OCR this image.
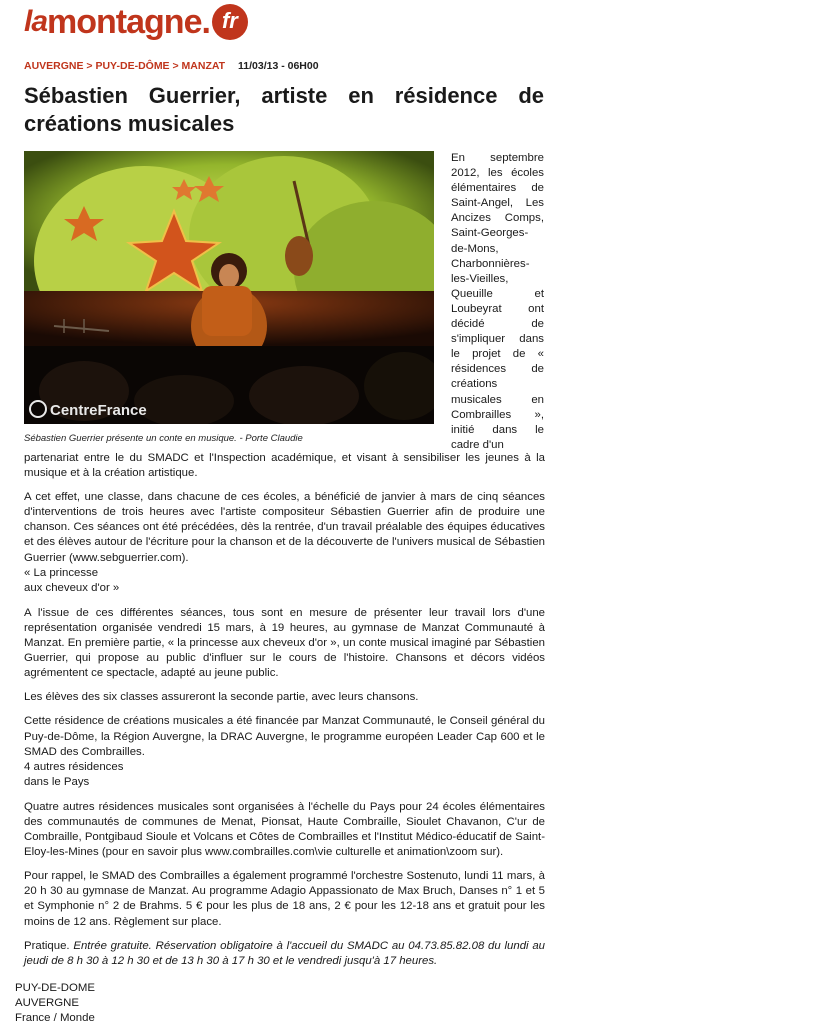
la montagne . fr
AUVERGNE > PUY-DE-DÔME > MANZAT 11/03/13 - 06H00
Sébastien Guerrier, artiste en résidence de créations musicales
CentreFrance
Sébastien Guerrier présente un conte en musique. - Porte Claudie
En septembre 2012, les écoles élémentaires de Saint-Angel, Les Ancizes Comps, Saint-Georges-de-Mons, Charbonnières-les-Vieilles, Queuille et Loubeyrat ont décidé de s'impliquer dans le projet de « résidences de créations musicales en Combrailles », initié dans le cadre d'un

partenariat entre le du SMADC et l'Inspection académique, et visant à sensibiliser les jeunes à la musique et à la création artistique.

A cet effet, une classe, dans chacune de ces écoles, a bénéficié de janvier à mars de cinq séances d'interventions de trois heures avec l'artiste compositeur Sébastien Guerrier afin de produire une chanson. Ces séances ont été précédées, dès la rentrée, d'un travail préalable des équipes éducatives et des élèves autour de l'écriture pour la chanson et de la découverte de l'univers musical de Sébastien Guerrier (www.sebguerrier.com).

« La princesse
aux cheveux d'or »

A l'issue de ces différentes séances, tous sont en mesure de présenter leur travail lors d'une représentation organisée vendredi 15 mars, à 19 heures, au gymnase de Manzat Communauté à Manzat. En première partie, « la princesse aux cheveux d'or », un conte musical imaginé par Sébastien Guerrier, qui propose au public d'influer sur le cours de l'histoire. Chansons et décors vidéos agrémentent ce spectacle, adapté au jeune public.

Les élèves des six classes assureront la seconde partie, avec leurs chansons.

Cette résidence de créations musicales a été financée par Manzat Communauté, le Conseil général du Puy-de-Dôme, la Région Auvergne, la DRAC Auvergne, le programme européen Leader Cap 600 et le SMAD des Combrailles.

4 autres résidences
dans le Pays

Quatre autres résidences musicales sont organisées à l'échelle du Pays pour 24 écoles élémentaires des communautés de communes de Menat, Pionsat, Haute Combraille, Sioulet Chavanon, C'ur de Combraille, Pontgibaud Sioule et Volcans et Côtes de Combrailles et l'Institut Médico-éducatif de Saint-Eloy-les-Mines (pour en savoir plus www.combrailles.com\vie culturelle et animation\zoom sur).

Pour rappel, le SMAD des Combrailles a également programmé l'orchestre Sostenuto, lundi 11 mars, à 20 h 30 au gymnase de Manzat. Au programme Adagio Appassionato de Max Bruch, Danses n° 1 et 5 et Symphonie n° 2 de Brahms. 5 € pour les plus de 18 ans, 2 € pour les 12-18 ans et gratuit pour les moins de 12 ans. Règlement sur place.

Pratique. Entrée gratuite. Réservation obligatoire à l'accueil du SMADC au 04.73.85.82.08 du lundi au jeudi de 8 h 30 à 12 h 30 et de 13 h 30 à 17 h 30 et le vendredi jusqu'à 17 heures.

PUY-DE-DOME
AUVERGNE
France / Monde
